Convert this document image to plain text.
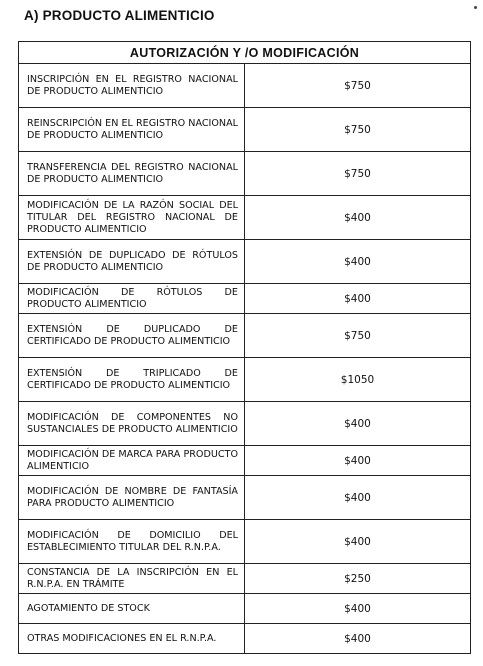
A) PRODUCTO ALIMENTICIO
AUTORIZACIÓN Y /O MODIFICACIÓN	
INSCRIPCIÓN EN EL REGISTRO NACIONAL DE PRODUCTO ALIMENTICIO	$750
REINSCRIPCIÓN EN EL REGISTRO NACIONAL DE PRODUCTO ALIMENTICIO	$750
TRANSFERENCIA DEL REGISTRO NACIONAL DE PRODUCTO ALIMENTICIO	$750
MODIFICACIÓN DE LA RAZÓN SOCIAL DEL TITULAR DEL REGISTRO NACIONAL DE PRODUCTO ALIMENTICIO	$400
EXTENSIÓN DE DUPLICADO DE RÓTULOS DE PRODUCTO ALIMENTICIO	$400
MODIFICACIÓN DE RÓTULOS DE PRODUCTO ALIMENTICIO	$400
EXTENSIÓN DE DUPLICADO DE CERTIFICADO DE PRODUCTO ALIMENTICIO	$750
EXTENSIÓN DE TRIPLICADO DE CERTIFICADO DE PRODUCTO ALIMENTICIO	$1050
MODIFICACIÓN DE COMPONENTES NO SUSTANCIALES DE PRODUCTO ALIMENTICIO	$400
MODIFICACIÓN DE MARCA PARA PRODUCTO ALIMENTICIO	$400
MODIFICACIÓN DE NOMBRE DE FANTASÍA PARA PRODUCTO ALIMENTICIO	$400
MODIFICACIÓN DE DOMICILIO DEL ESTABLECIMIENTO TITULAR DEL R.N.P.A.	$400
CONSTANCIA DE LA INSCRIPCIÓN EN EL R.N.P.A. EN TRÁMITE	$250
AGOTAMIENTO DE STOCK	$400
OTRAS MODIFICACIONES EN EL R.N.P.A.	$400
